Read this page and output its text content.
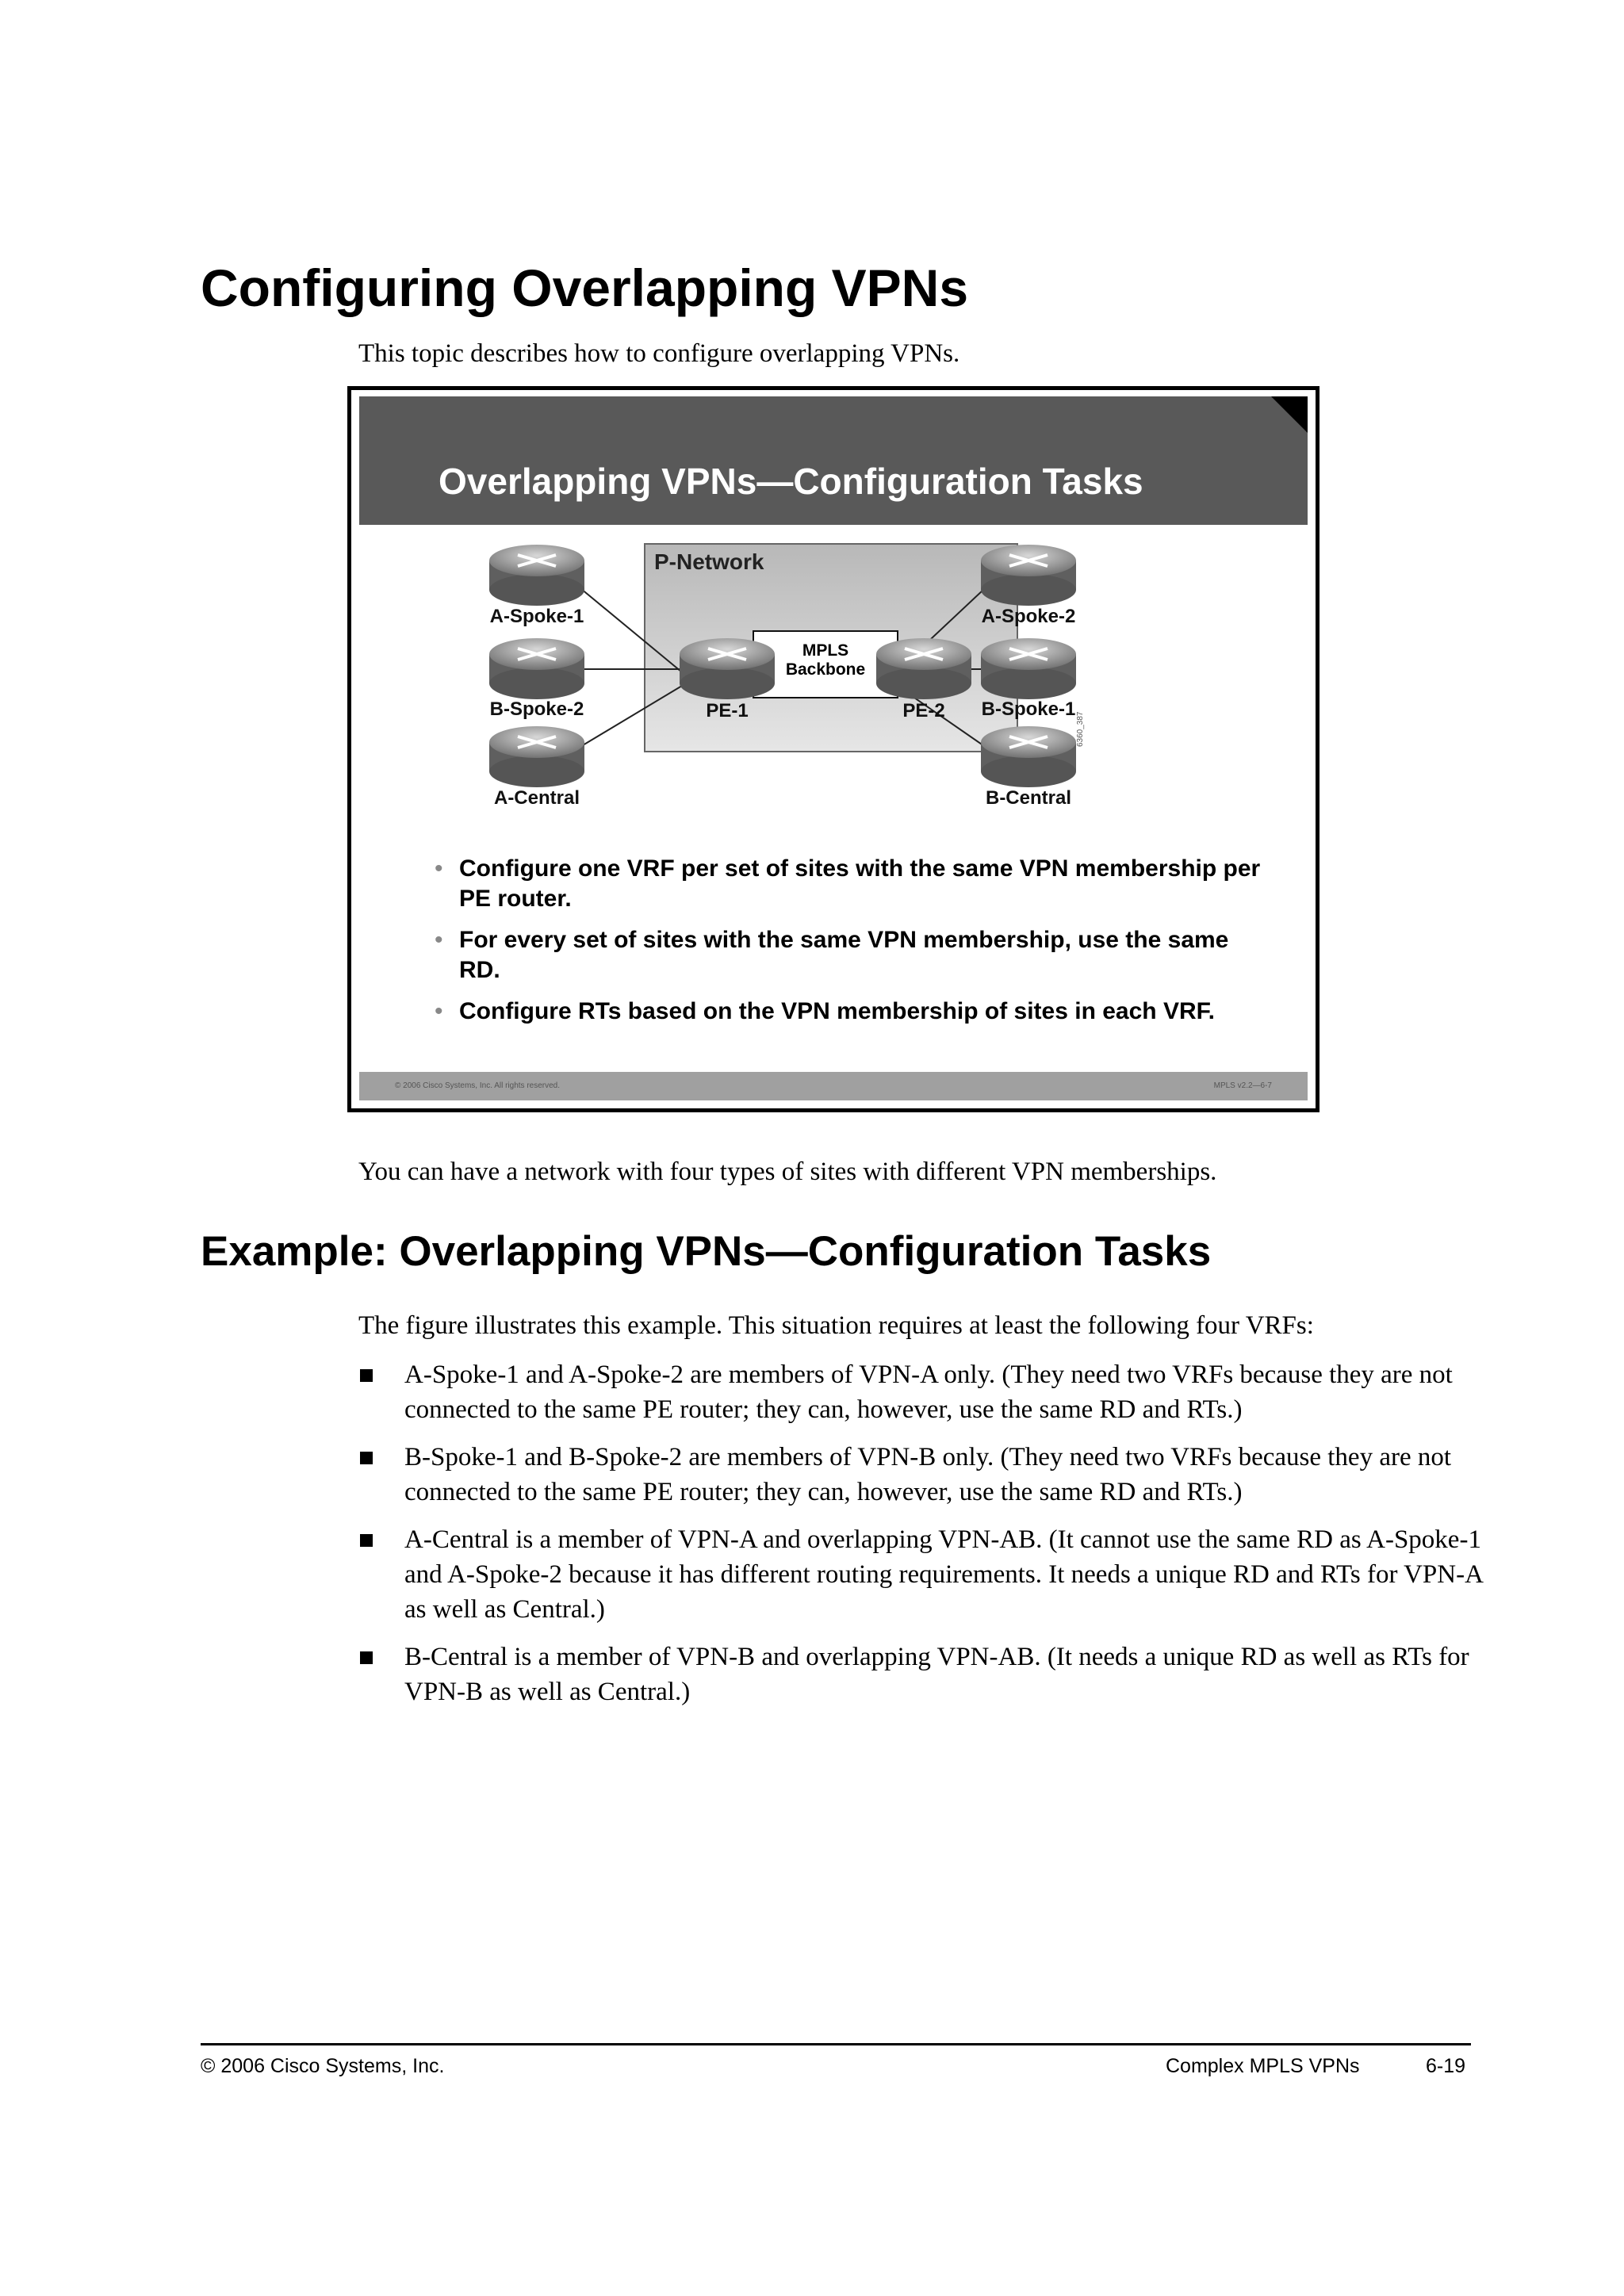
Configuring Overlapping VPNs

This topic describes how to configure overlapping VPNs.

Overlapping VPNs—Configuration Tasks
P-Network
MPLS
Backbone
A-Spoke-1
B-Spoke-2
A-Central
A-Spoke-2
B-Spoke-1
B-Central
PE-1	PE-2
6360_387
• Configure one VRF per set of sites with the same VPN membership per PE router.
• For every set of sites with the same VPN membership, use the same RD.
• Configure RTs based on the VPN membership of sites in each VRF.
© 2006 Cisco Systems, Inc. All rights reserved.	MPLS v2.2—6-7

You can have a network with four types of sites with different VPN memberships.

Example: Overlapping VPNs—Configuration Tasks

The figure illustrates this example. This situation requires at least the following four VRFs:

A-Spoke-1 and A-Spoke-2 are members of VPN-A only. (They need two VRFs because they are not connected to the same PE router; they can, however, use the same RD and RTs.)
B-Spoke-1 and B-Spoke-2 are members of VPN-B only. (They need two VRFs because they are not connected to the same PE router; they can, however, use the same RD and RTs.)
A-Central is a member of VPN-A and overlapping VPN-AB. (It cannot use the same RD as A-Spoke-1 and A-Spoke-2 because it has different routing requirements. It needs a unique RD and RTs for VPN-A as well as Central.)
B-Central is a member of VPN-B and overlapping VPN-AB. (It needs a unique RD as well as RTs for VPN-B as well as Central.)
© 2006 Cisco Systems, Inc.	Complex MPLS VPNs	6-19
